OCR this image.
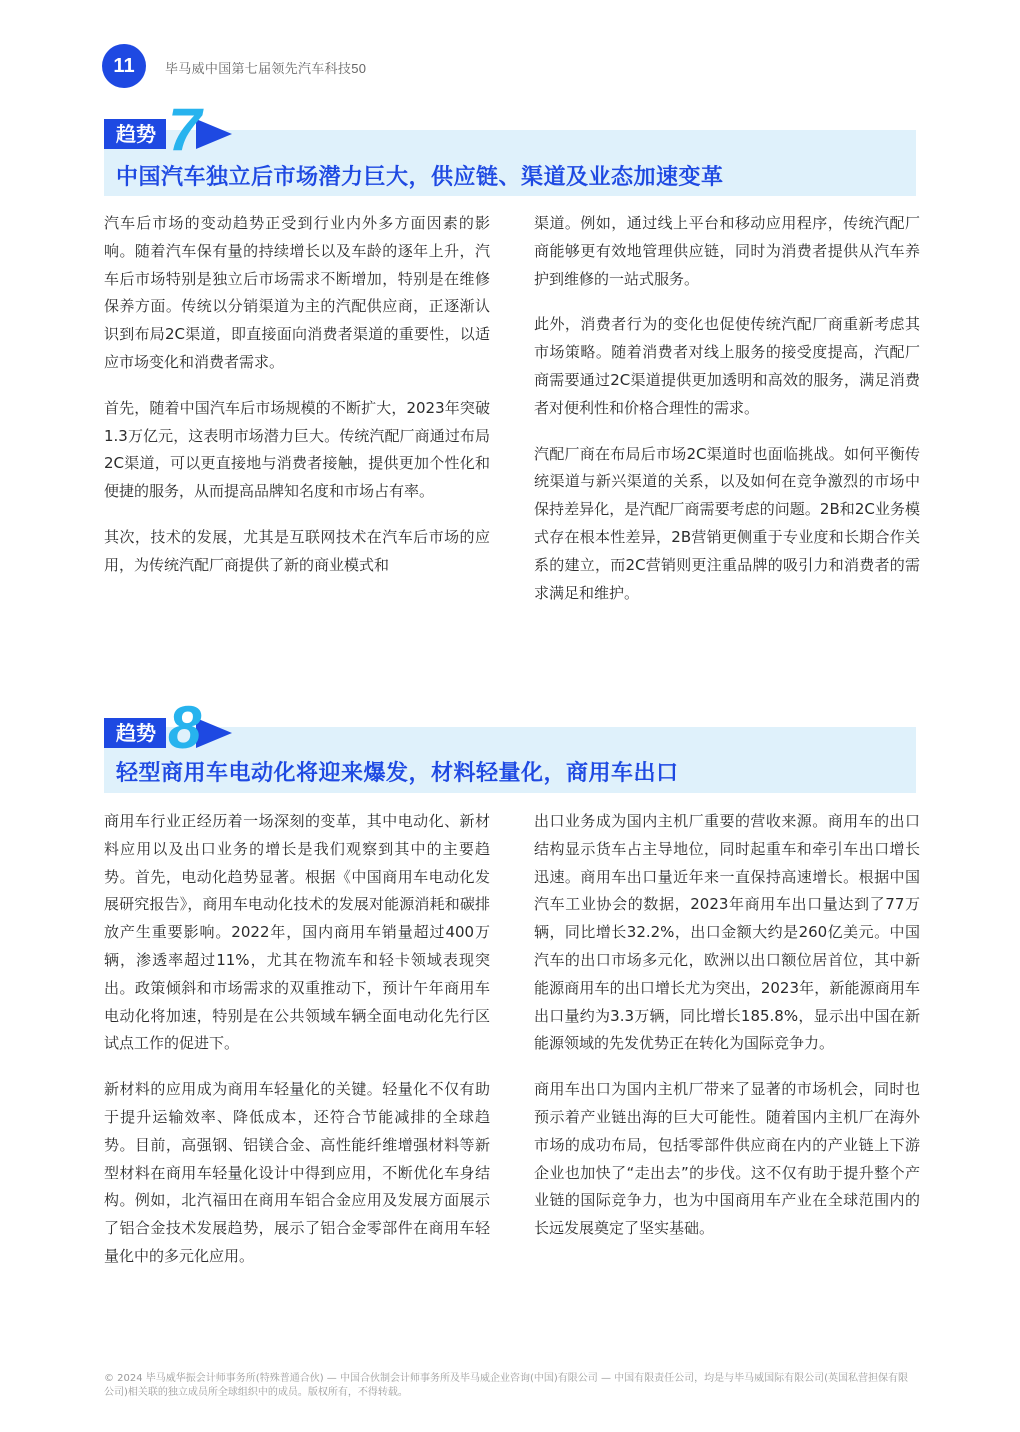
11 毕马威中国第七届领先汽车科技50
趋势 7
中国汽车独立后市场潜力巨大，供应链、渠道及业态加速变革

汽车后市场的变动趋势正受到行业内外多方面因素的影响。随着汽车保有量的持续增长以及车龄的逐年上升，汽车后市场特别是独立后市场需求不断增加，特别是在维修保养方面。传统以分销渠道为主的汽配供应商，正逐渐认识到布局2C渠道，即直接面向消费者渠道的重要性，以适应市场变化和消费者需求。

首先，随着中国汽车后市场规模的不断扩大，2023年突破1.3万亿元，这表明市场潜力巨大。传统汽配厂商通过布局2C渠道，可以更直接地与消费者接触，提供更加个性化和便捷的服务，从而提高品牌知名度和市场占有率。

其次，技术的发展，尤其是互联网技术在汽车后市场的应用，为传统汽配厂商提供了新的商业模式和

渠道。例如，通过线上平台和移动应用程序，传统汽配厂商能够更有效地管理供应链，同时为消费者提供从汽车养护到维修的一站式服务。

此外，消费者行为的变化也促使传统汽配厂商重新考虑其市场策略。随着消费者对线上服务的接受度提高，汽配厂商需要通过2C渠道提供更加透明和高效的服务，满足消费者对便利性和价格合理性的需求。

汽配厂商在布局后市场2C渠道时也面临挑战。如何平衡传统渠道与新兴渠道的关系，以及如何在竞争激烈的市场中保持差异化，是汽配厂商需要考虑的问题。2B和2C业务模式存在根本性差异，2B营销更侧重于专业度和长期合作关系的建立，而2C营销则更注重品牌的吸引力和消费者的需求满足和维护。

趋势 8
轻型商用车电动化将迎来爆发，材料轻量化，商用车出口

商用车行业正经历着一场深刻的变革，其中电动化、新材料应用以及出口业务的增长是我们观察到其中的主要趋势。首先，电动化趋势显著。根据《中国商用车电动化发展研究报告》，商用车电动化技术的发展对能源消耗和碳排放产生重要影响。2022年，国内商用车销量超过400万辆，渗透率超过11%，尤其在物流车和轻卡领域表现突出。政策倾斜和市场需求的双重推动下，预计午年商用车电动化将加速，特别是在公共领域车辆全面电动化先行区试点工作的促进下。

新材料的应用成为商用车轻量化的关键。轻量化不仅有助于提升运输效率、降低成本，还符合节能减排的全球趋势。目前，高强钢、铝镁合金、高性能纤维增强材料等新型材料在商用车轻量化设计中得到应用，不断优化车身结构。例如，北汽福田在商用车铝合金应用及发展方面展示了铝合金技术发展趋势，展示了铝合金零部件在商用车轻量化中的多元化应用。

出口业务成为国内主机厂重要的营收来源。商用车的出口结构显示货车占主导地位，同时起重车和牵引车出口增长迅速。商用车出口量近年来一直保持高速增长。根据中国汽车工业协会的数据，2023年商用车出口量达到了77万辆，同比增长32.2%，出口金额大约是260亿美元。中国汽车的出口市场多元化，欧洲以出口额位居首位，其中新能源商用车的出口增长尤为突出，2023年，新能源商用车出口量约为3.3万辆，同比增长185.8%，显示出中国在新能源领域的先发优势正在转化为国际竞争力。

商用车出口为国内主机厂带来了显著的市场机会，同时也预示着产业链出海的巨大可能性。随着国内主机厂在海外市场的成功布局，包括零部件供应商在内的产业链上下游企业也加快了“走出去”的步伐。这不仅有助于提升整个产业链的国际竞争力，也为中国商用车产业在全球范围内的长远发展奠定了坚实基础。

© 2024 毕马威华振会计师事务所(特殊普通合伙) — 中国合伙制会计师事务所及毕马威企业咨询(中国)有限公司 — 中国有限责任公司，均是与毕马威国际有限公司(英国私营担保有限公司)相关联的独立成员所全球组织中的成员。版权所有，不得转载。
